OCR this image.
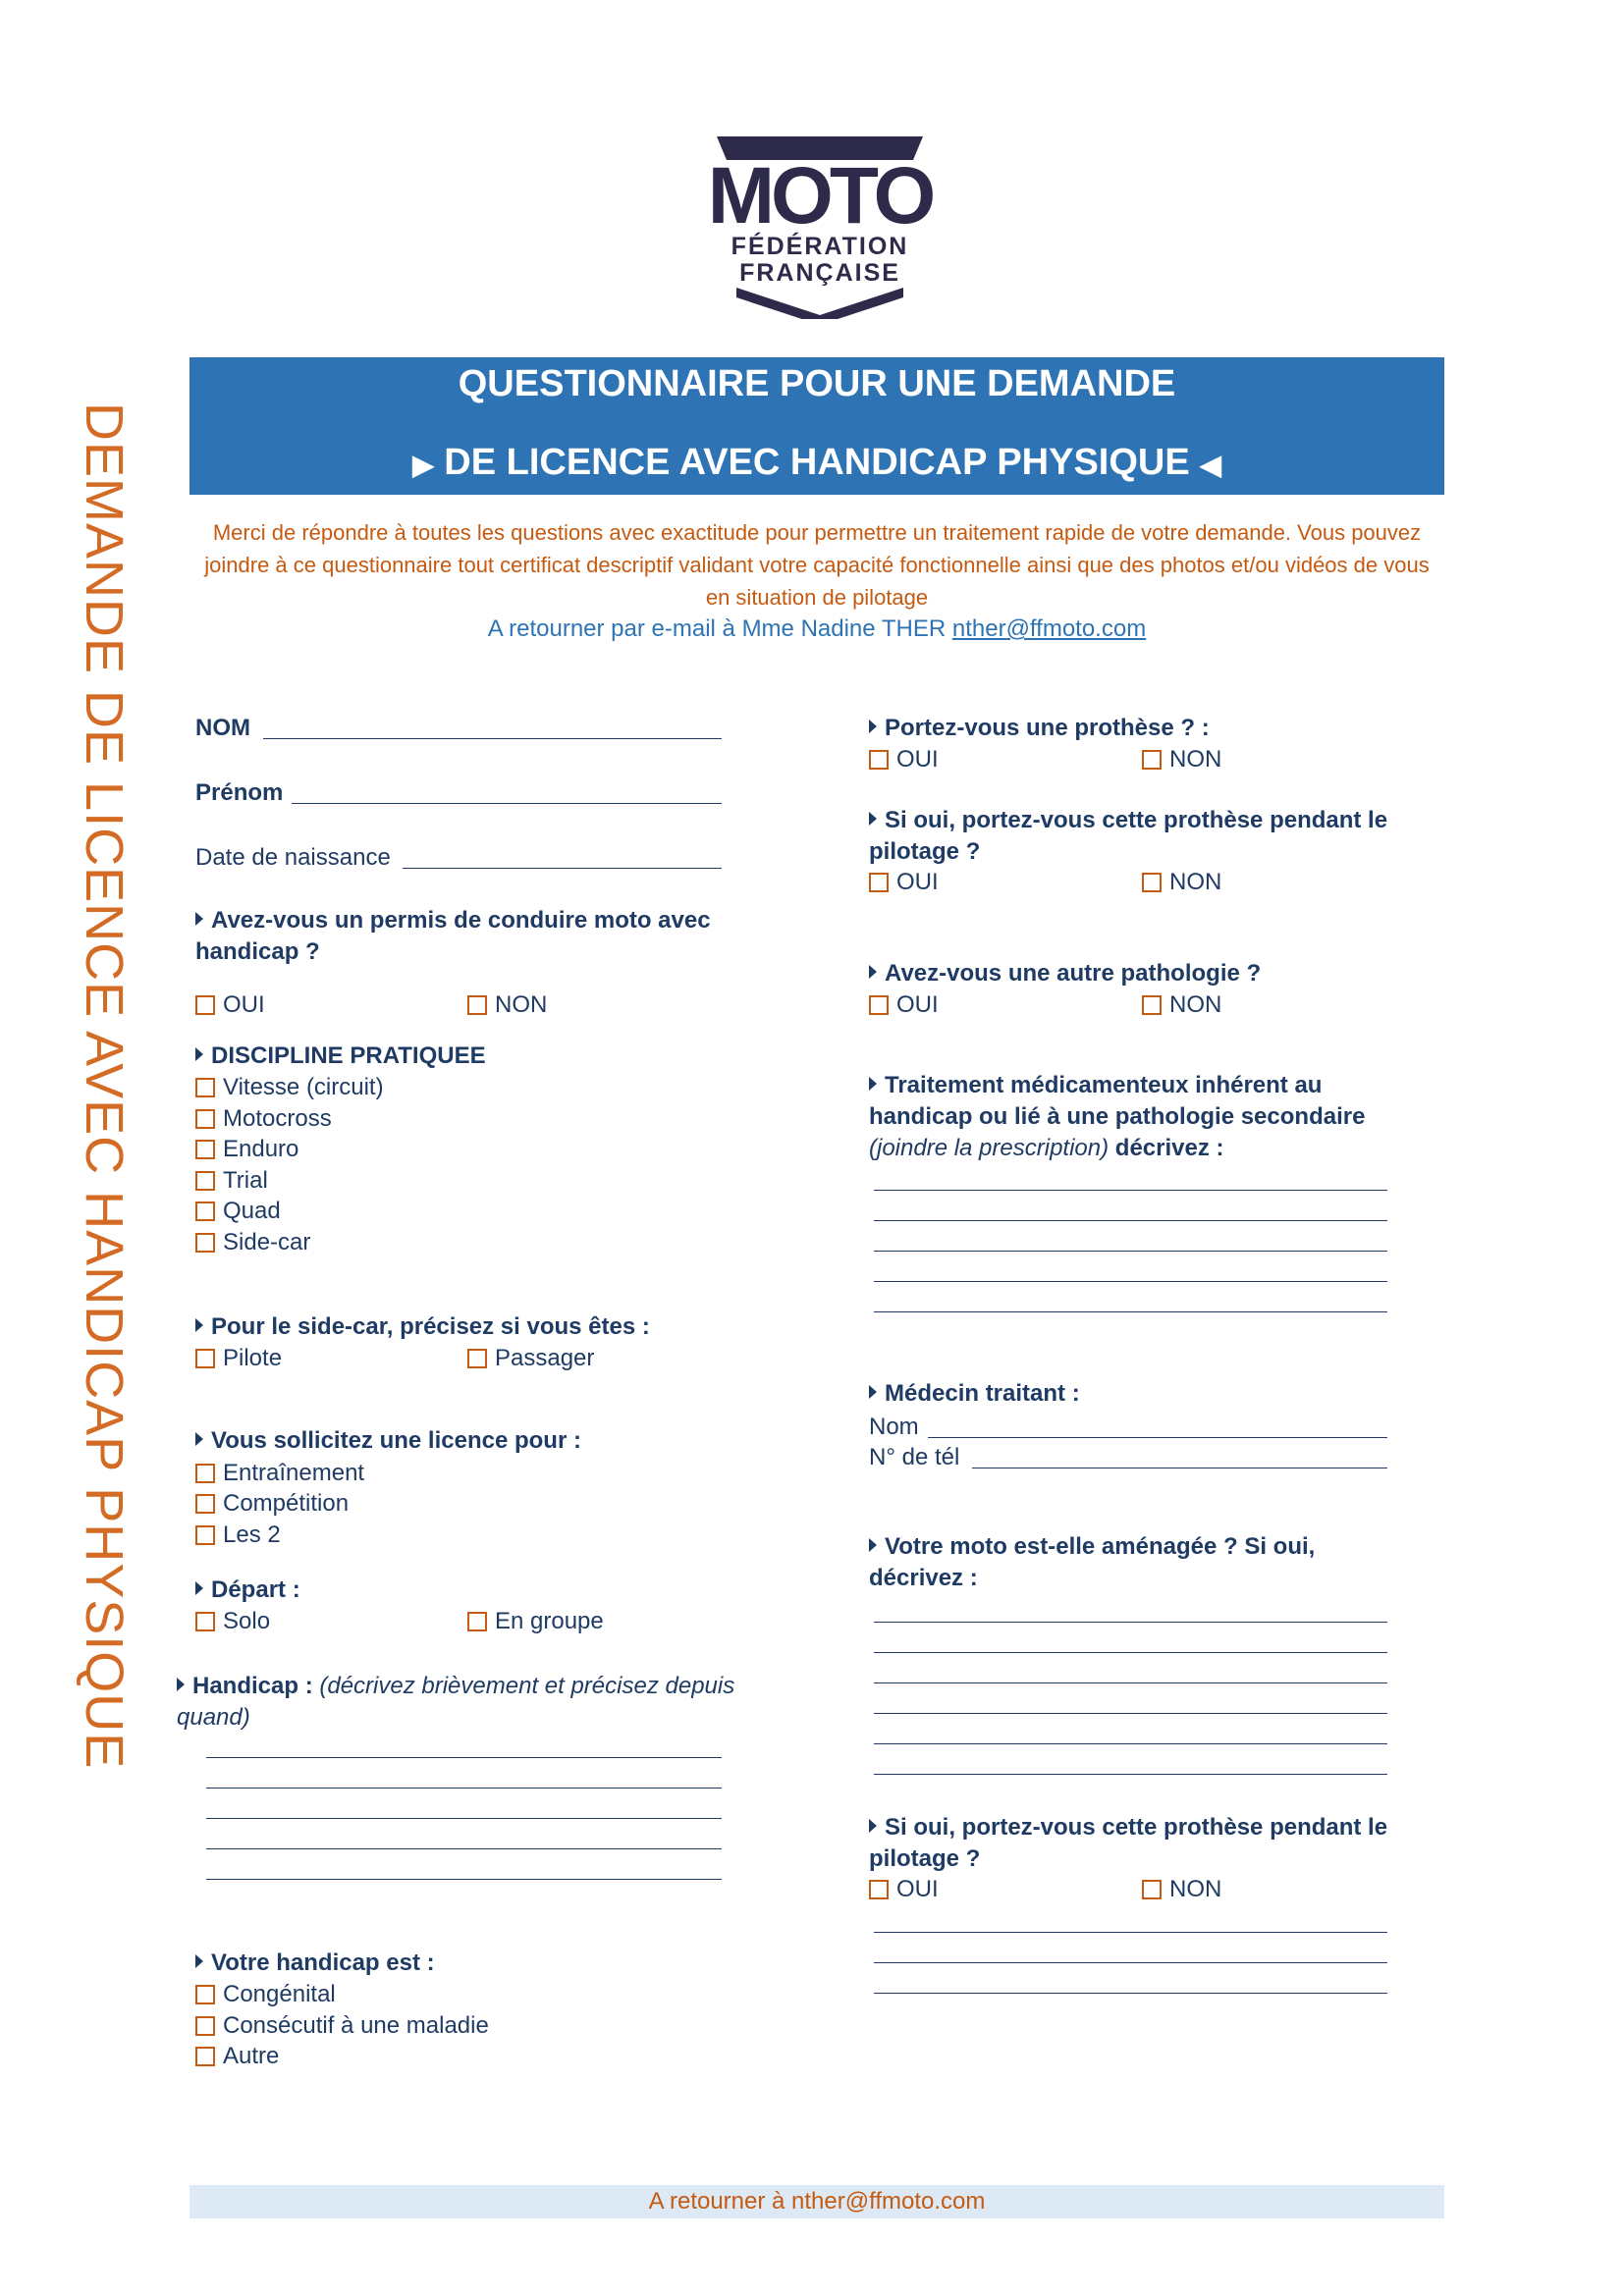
DEMANDE DE LICENCE AVEC HANDICAP PHYSIQUE
MOTO
FÉDÉRATION
FRANÇAISE
QUESTIONNAIRE POUR UNE DEMANDE
▶ DE LICENCE AVEC HANDICAP PHYSIQUE ◀
Merci de répondre à toutes les questions avec exactitude pour permettre un traitement rapide de votre demande. Vous pouvez joindre à ce questionnaire tout certificat descriptif validant votre capacité fonctionnelle ainsi que des photos et/ou vidéos de vous en situation de pilotage
A retourner par e-mail à Mme Nadine THER nther@ffmoto.com
NOM
Prénom
Date de naissance
Avez-vous un permis de conduire moto avec handicap ?
OUI	NON
DISCIPLINE PRATIQUEE
Vitesse (circuit)
Motocross
Enduro
Trial
Quad
Side-car
Pour le side-car, précisez si vous êtes :
Pilote	Passager
Vous sollicitez une licence pour :
Entraînement
Compétition
Les 2
Départ :
Solo	En groupe
Handicap : (décrivez brièvement et précisez depuis quand)
Votre handicap est :
Congénital
Consécutif à une maladie
Autre
Portez-vous une prothèse ? :
OUI	NON
Si oui, portez-vous cette prothèse pendant le pilotage ?
OUI	NON
Avez-vous une autre pathologie ?
OUI	NON
Traitement médicamenteux inhérent au handicap ou lié à une pathologie secondaire (joindre la prescription) décrivez :
Médecin traitant :
Nom
N° de tél
Votre moto est-elle aménagée ? Si oui, décrivez :
Si oui, portez-vous cette prothèse pendant le pilotage ?
OUI	NON
A retourner à nther@ffmoto.com
